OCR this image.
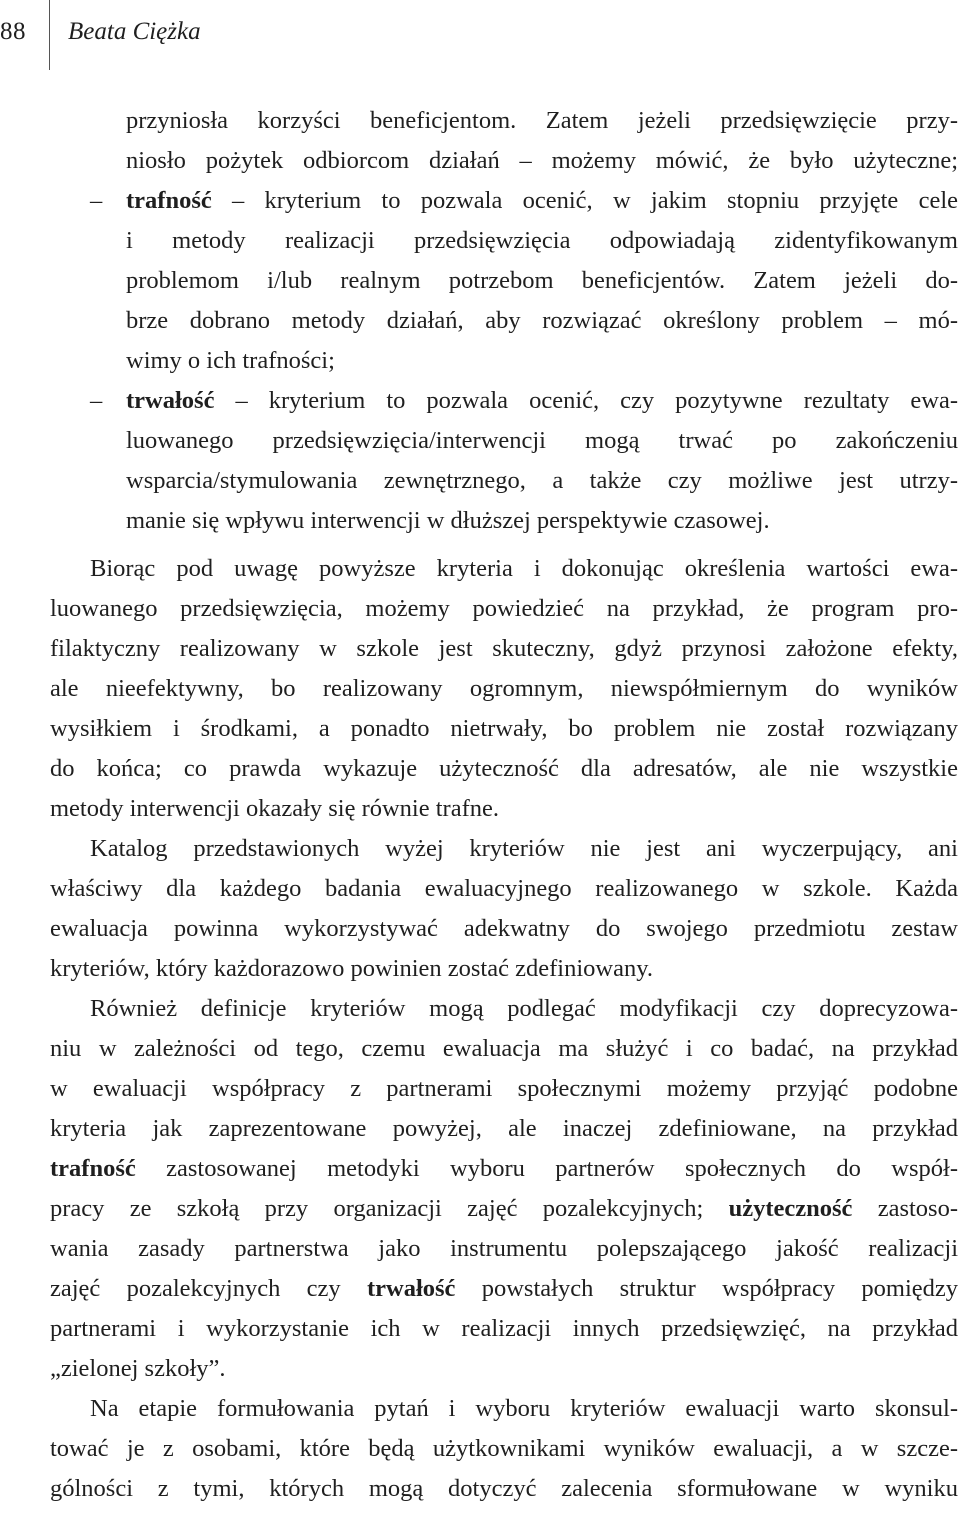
88 Beata Ciężka
przyniosła korzyści beneficjentom. Zatem jeżeli przedsięwzięcie przy-
niosło pożytek odbiorcom działań – możemy mówić, że było użyteczne;
– trafność – kryterium to pozwala ocenić, w jakim stopniu przyjęte cele
i metody realizacji przedsięwzięcia odpowiadają zidentyfikowanym
problemom i/lub realnym potrzebom beneficjentów. Zatem jeżeli do-
brze dobrano metody działań, aby rozwiązać określony problem – mó-
wimy o ich trafności;
– trwałość – kryterium to pozwala ocenić, czy pozytywne rezultaty ewa-
luowanego przedsięwzięcia/interwencji mogą trwać po zakończeniu
wsparcia/stymulowania zewnętrznego, a także czy możliwe jest utrzy-
manie się wpływu interwencji w dłuższej perspektywie czasowej.
Biorąc pod uwagę powyższe kryteria i dokonując określenia wartości ewa-
luowanego przedsięwzięcia, możemy powiedzieć na przykład, że program pro-
filaktyczny realizowany w szkole jest skuteczny, gdyż przynosi założone efekty,
ale nieefektywny, bo realizowany ogromnym, niewspółmiernym do wyników
wysiłkiem i środkami, a ponadto nietrwały, bo problem nie został rozwiązany
do końca; co prawda wykazuje użyteczność dla adresatów, ale nie wszystkie
metody interwencji okazały się równie trafne.
Katalog przedstawionych wyżej kryteriów nie jest ani wyczerpujący, ani
właściwy dla każdego badania ewaluacyjnego realizowanego w szkole. Każda
ewaluacja powinna wykorzystywać adekwatny do swojego przedmiotu zestaw
kryteriów, który każdorazowo powinien zostać zdefiniowany.
Również definicje kryteriów mogą podlegać modyfikacji czy doprecyzowa-
niu w zależności od tego, czemu ewaluacja ma służyć i co badać, na przykład
w ewaluacji współpracy z partnerami społecznymi możemy przyjąć podobne
kryteria jak zaprezentowane powyżej, ale inaczej zdefiniowane, na przykład
trafność zastosowanej metodyki wyboru partnerów społecznych do współ-
pracy ze szkołą przy organizacji zajęć pozalekcyjnych; użyteczność zastoso-
wania zasady partnerstwa jako instrumentu polepszającego jakość realizacji
zajęć pozalekcyjnych czy trwałość powstałych struktur współpracy pomiędzy
partnerami i wykorzystanie ich w realizacji innych przedsięwzięć, na przykład
„zielonej szkoły”.
Na etapie formułowania pytań i wyboru kryteriów ewaluacji warto skonsul-
tować je z osobami, które będą użytkownikami wyników ewaluacji, a w szcze-
gólności z tymi, których mogą dotyczyć zalecenia sformułowane w wyniku
